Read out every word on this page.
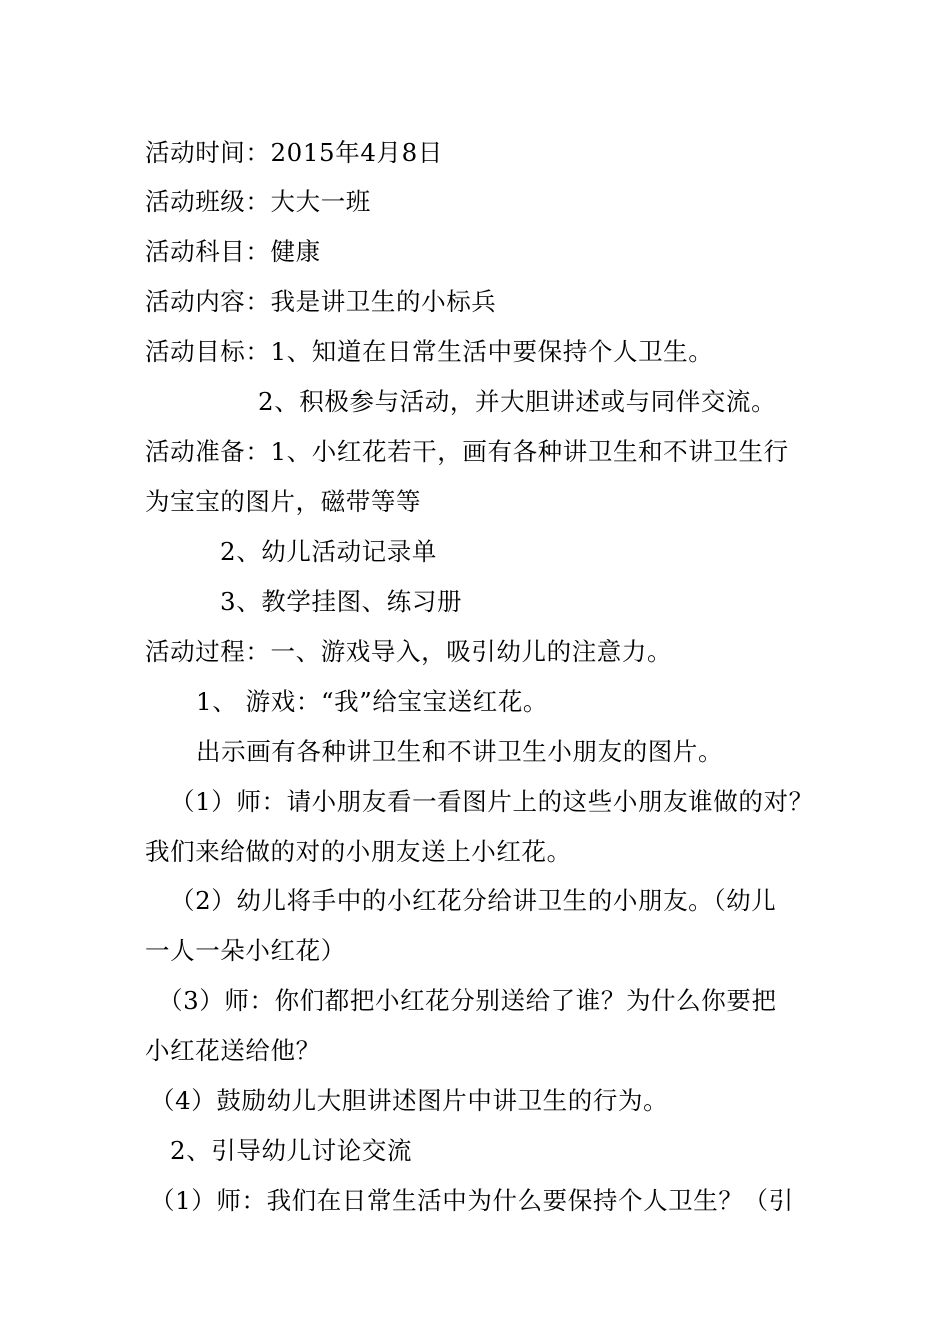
活动时间：2015年4月8日
活动班级：大大一班
活动科目：健康
活动内容：我是讲卫生的小标兵
活动目标：1、知道在日常生活中要保持个人卫生。
2、积极参与活动，并大胆讲述或与同伴交流。
活动准备：1、小红花若干，画有各种讲卫生和不讲卫生行
为宝宝的图片，磁带等等
2、幼儿活动记录单
3、教学挂图、练习册
活动过程：一、游戏导入，吸引幼儿的注意力。
1、 游戏：“我”给宝宝送红花。
出示画有各种讲卫生和不讲卫生小朋友的图片。
（1）师：请小朋友看一看图片上的这些小朋友谁做的对？
我们来给做的对的小朋友送上小红花。
（2）幼儿将手中的小红花分给讲卫生的小朋友。（幼儿
一人一朵小红花）
（3）师：你们都把小红花分别送给了谁？为什么你要把
小红花送给他？
（4）鼓励幼儿大胆讲述图片中讲卫生的行为。
2、引导幼儿讨论交流
（1）师：我们在日常生活中为什么要保持个人卫生？（引
